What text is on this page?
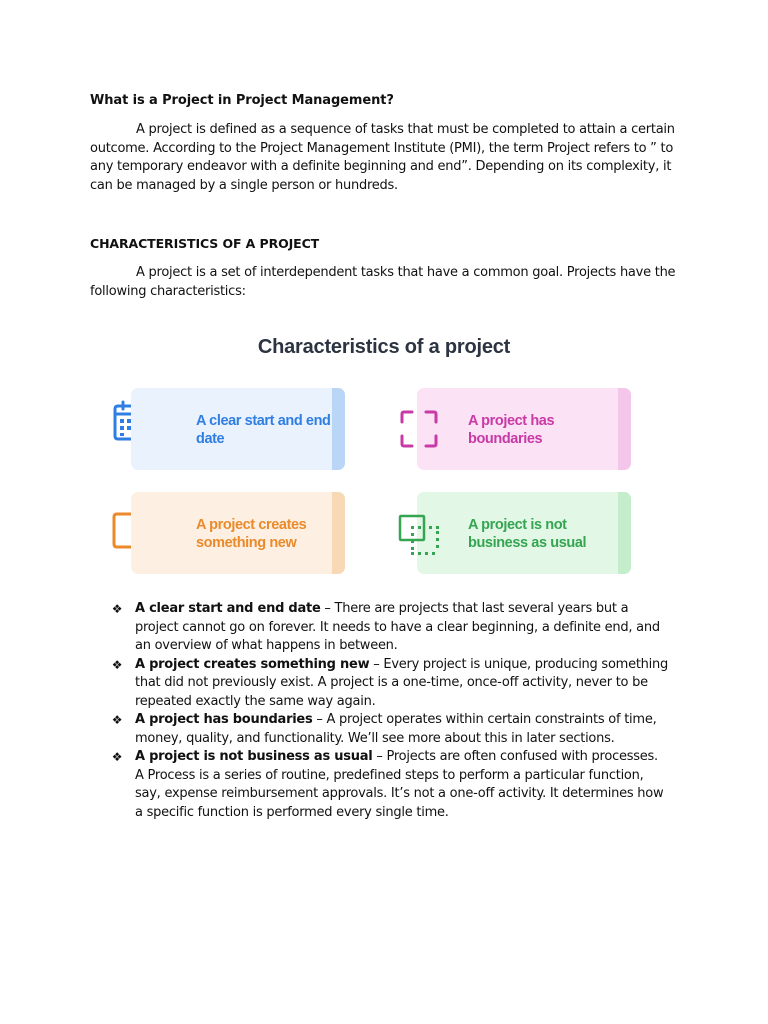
What is a Project in Project Management?

A project is defined as a sequence of tasks that must be completed to attain a certain outcome. According to the Project Management Institute (PMI), the term Project refers to ” to any temporary endeavor with a definite beginning and end”. Depending on its complexity, it can be managed by a single person or hundreds.

CHARACTERISTICS OF A PROJECT

A project is a set of interdependent tasks that have a common goal. Projects have the following characteristics:

Characteristics of a project
A clear start and end date
A project has boundaries
A project creates something new
A project is not business as usual
❖ A clear start and end date – There are projects that last several years but a project cannot go on forever. It needs to have a clear beginning, a definite end, and an overview of what happens in between.
❖ A project creates something new – Every project is unique, producing something that did not previously exist. A project is a one-time, once-off activity, never to be repeated exactly the same way again.
❖ A project has boundaries – A project operates within certain constraints of time, money, quality, and functionality. We’ll see more about this in later sections.
❖ A project is not business as usual – Projects are often confused with processes. A Process is a series of routine, predefined steps to perform a particular function, say, expense reimbursement approvals. It’s not a one-off activity. It determines how a specific function is performed every single time.
